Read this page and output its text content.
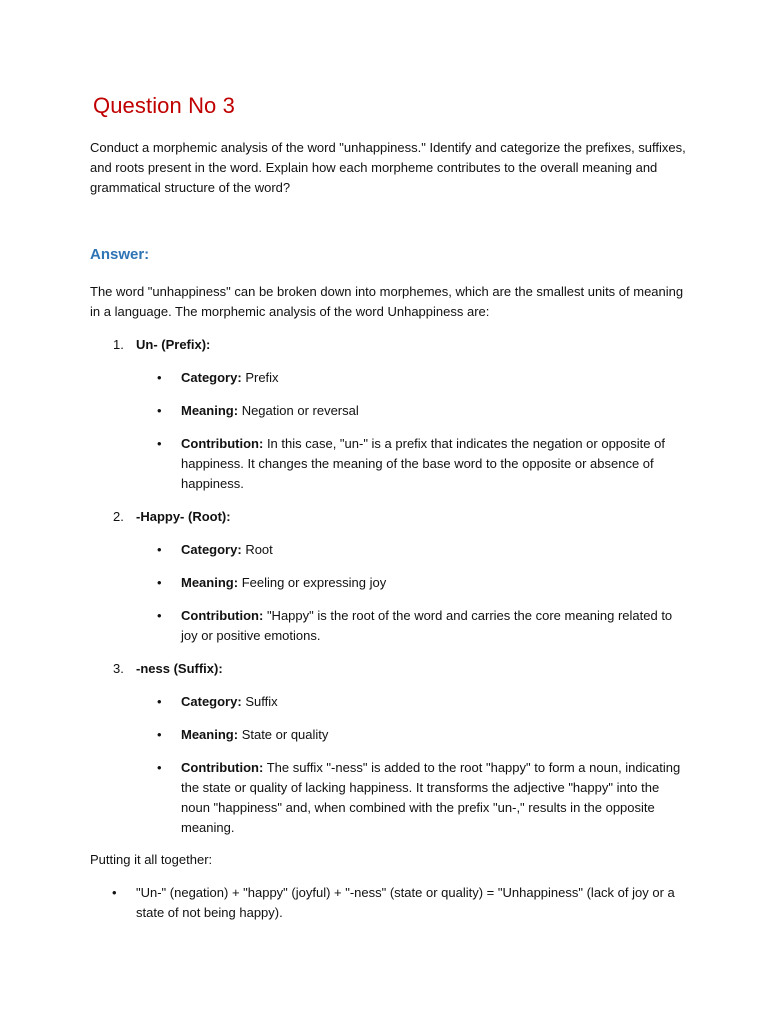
Question No 3

Conduct a morphemic analysis of the word "unhappiness." Identify and categorize the prefixes, suffixes, and roots present in the word. Explain how each morpheme contributes to the overall meaning and grammatical structure of the word?

Answer:

The word "unhappiness" can be broken down into morphemes, which are the smallest units of meaning in a language. The morphemic analysis of the word Unhappiness are:

1. Un- (Prefix):
• Category: Prefix
• Meaning: Negation or reversal
• Contribution: In this case, "un-" is a prefix that indicates the negation or opposite of happiness. It changes the meaning of the base word to the opposite or absence of happiness.
2. -Happy- (Root):
• Category: Root
• Meaning: Feeling or expressing joy
• Contribution: "Happy" is the root of the word and carries the core meaning related to joy or positive emotions.
3. -ness (Suffix):
• Category: Suffix
• Meaning: State or quality
• Contribution: The suffix "-ness" is added to the root "happy" to form a noun, indicating the state or quality of lacking happiness. It transforms the adjective "happy" into the noun "happiness" and, when combined with the prefix "un-," results in the opposite meaning.

Putting it all together:

• "Un-" (negation) + "happy" (joyful) + "-ness" (state or quality) = "Unhappiness" (lack of joy or a state of not being happy).
